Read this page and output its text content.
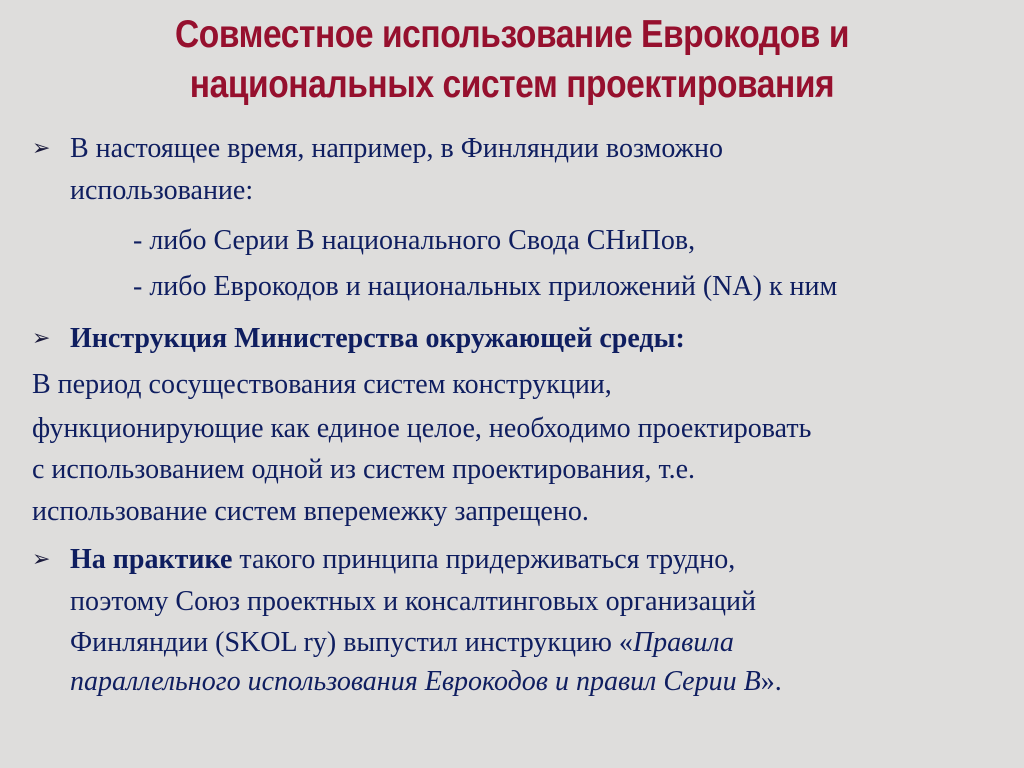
Совместное использование Еврокодов и
национальных систем проектирования
➢ В настоящее время, например, в Финляндии возможно
использование:
- либо Серии B национального Свода СНиПов,
- либо Еврокодов и национальных приложений (NA) к ним
➢ Инструкция Министерства окружающей среды:
В период сосуществования систем конструкции,
функционирующие как единое целое, необходимо проектировать
с использованием одной из систем проектирования, т.е.
использование систем вперемежку запрещено.
➢ На практике такого принципа придерживаться трудно,
поэтому Союз проектных и консалтинговых организаций
Финляндии (SKOL ry) выпустил инструкцию «Правила
параллельного использования Еврокодов и правил Серии B».
